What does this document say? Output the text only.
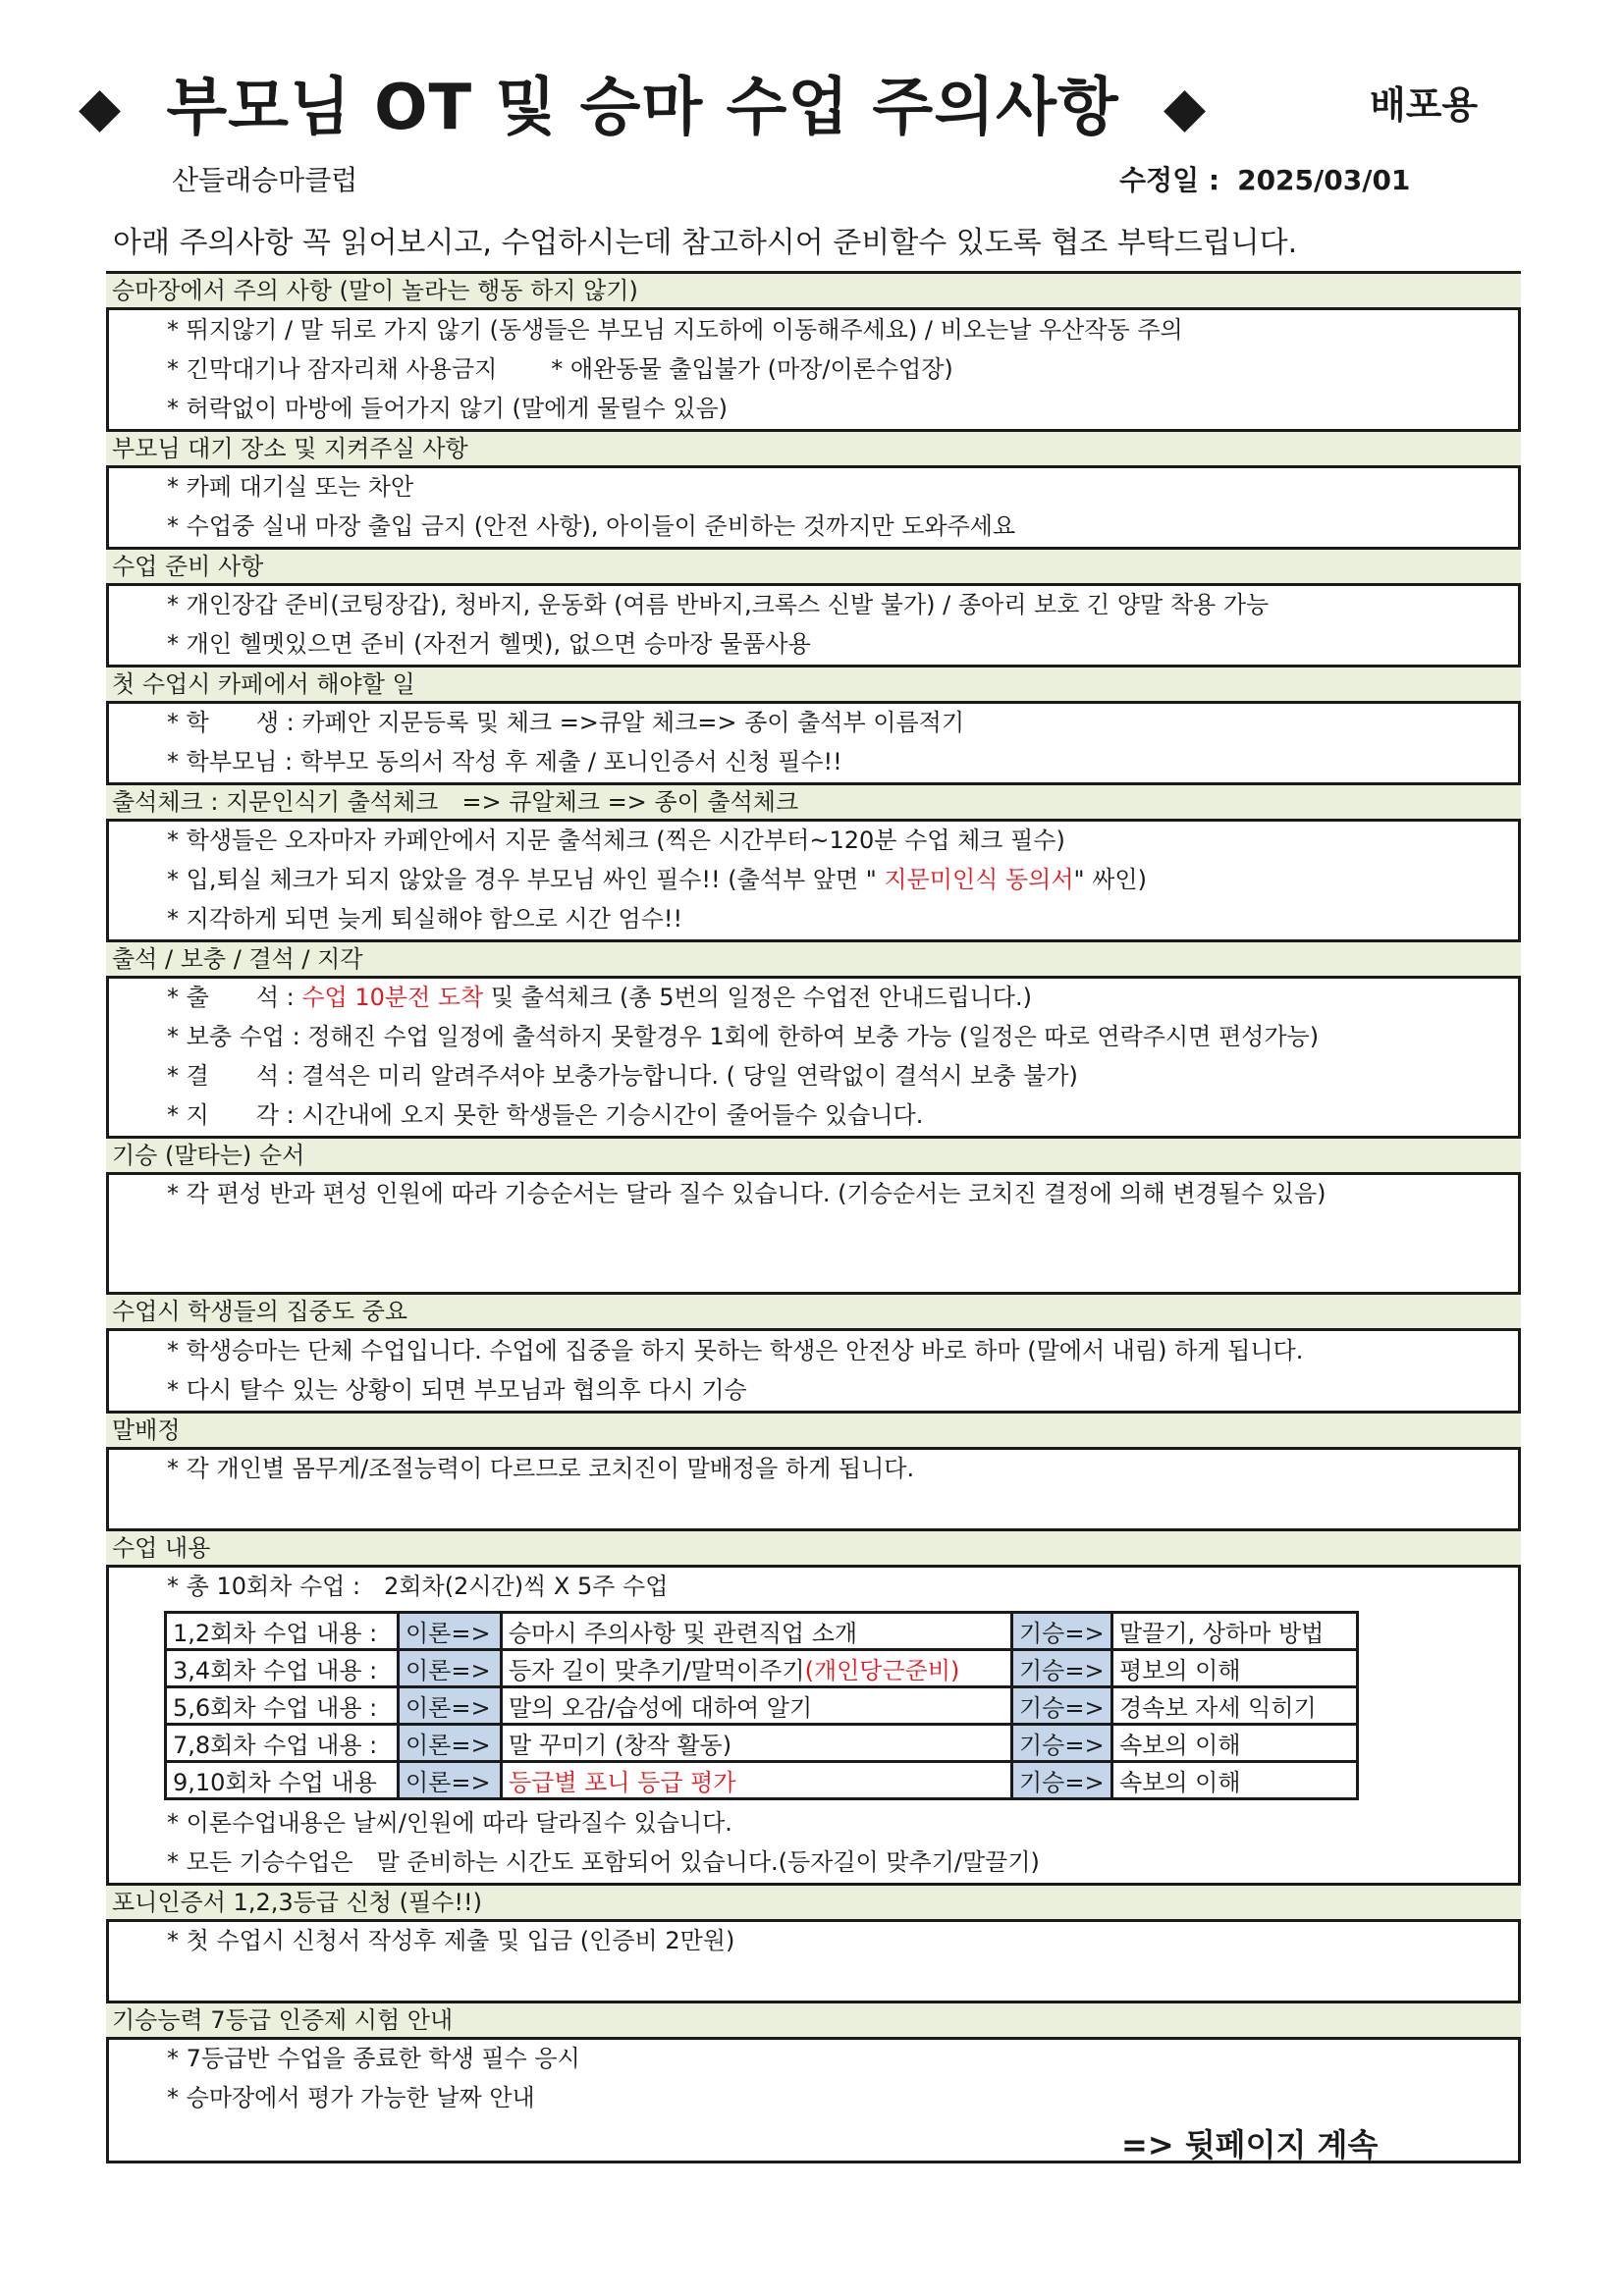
◆ 부모님 OT 및 승마 수업 주의사항 ◆	배포용
산들래승마클럽	수정일 : 2025/03/01
아래 주의사항 꼭 읽어보시고, 수업하시는데 참고하시어 준비할수 있도록 협조 부탁드립니다.
승마장에서 주의 사항 (말이 놀라는 행동 하지 않기)
* 뛰지않기 / 말 뒤로 가지 않기 (동생들은 부모님 지도하에 이동해주세요) / 비오는날 우산작동 주의
* 긴막대기나 잠자리채 사용금지 * 애완동물 출입불가 (마장/이론수업장)
* 허락없이 마방에 들어가지 않기 (말에게 물릴수 있음)
부모님 대기 장소 및 지켜주실 사항
* 카페 대기실 또는 차안
* 수업중 실내 마장 출입 금지 (안전 사항), 아이들이 준비하는 것까지만 도와주세요
수업 준비 사항
* 개인장갑 준비(코팅장갑), 청바지, 운동화 (여름 반바지,크록스 신발 불가) / 종아리 보호 긴 양말 착용 가능
* 개인 헬멧있으면 준비 (자전거 헬멧), 없으면 승마장 물품사용
첫 수업시 카페에서 해야할 일
* 학　　생 : 카페안 지문등록 및 체크 =>큐알 체크=> 종이 출석부 이름적기
* 학부모님 : 학부모 동의서 작성 후 제출 / 포니인증서 신청 필수!!
출석체크 : 지문인식기 출석체크　=> 큐알체크 => 종이 출석체크
* 학생들은 오자마자 카페안에서 지문 출석체크 (찍은 시간부터~120분 수업 체크 필수)
* 입,퇴실 체크가 되지 않았을 경우 부모님 싸인 필수!! (출석부 앞면 " 지문미인식 동의서" 싸인)
* 지각하게 되면 늦게 퇴실해야 함으로 시간 엄수!!
출석 / 보충 / 결석 / 지각
* 출　　석 : 수업 10분전 도착 및 출석체크 (총 5번의 일정은 수업전 안내드립니다.)
* 보충 수업 : 정해진 수업 일정에 출석하지 못할경우 1회에 한하여 보충 가능 (일정은 따로 연락주시면 편성가능)
* 결　　석 : 결석은 미리 알려주셔야 보충가능합니다. ( 당일 연락없이 결석시 보충 불가)
* 지　　각 : 시간내에 오지 못한 학생들은 기승시간이 줄어들수 있습니다.
기승 (말타는) 순서
* 각 편성 반과 편성 인원에 따라 기승순서는 달라 질수 있습니다. (기승순서는 코치진 결정에 의해 변경될수 있음)
수업시 학생들의 집중도 중요
* 학생승마는 단체 수업입니다. 수업에 집중을 하지 못하는 학생은 안전상 바로 하마 (말에서 내림) 하게 됩니다.
* 다시 탈수 있는 상황이 되면 부모님과 협의후 다시 기승
말배정
* 각 개인별 몸무게/조절능력이 다르므로 코치진이 말배정을 하게 됩니다.
수업 내용
* 총 10회차 수업 :　2회차(2시간)씩 X 5주 수업
1,2회차 수업 내용 :	이론=>	승마시 주의사항 및 관련직업 소개	기승=>	말끌기, 상하마 방법
3,4회차 수업 내용 :	이론=>	등자 길이 맞추기/말먹이주기(개인당근준비)	기승=>	평보의 이해
5,6회차 수업 내용 :	이론=>	말의 오감/습성에 대하여 알기	기승=>	경속보 자세 익히기
7,8회차 수업 내용 :	이론=>	말 꾸미기 (창작 활동)	기승=>	속보의 이해
9,10회차 수업 내용	이론=>	등급별 포니 등급 평가	기승=>	속보의 이해
* 이론수업내용은 날씨/인원에 따라 달라질수 있습니다.
* 모든 기승수업은　말 준비하는 시간도 포함되어 있습니다.(등자길이 맞추기/말끌기)
포니인증서 1,2,3등급 신청 (필수!!)
* 첫 수업시 신청서 작성후 제출 및 입금 (인증비 2만원)
기승능력 7등급 인증제 시험 안내
* 7등급반 수업을 종료한 학생 필수 응시
* 승마장에서 평가 가능한 날짜 안내
=> 뒷페이지 계속
